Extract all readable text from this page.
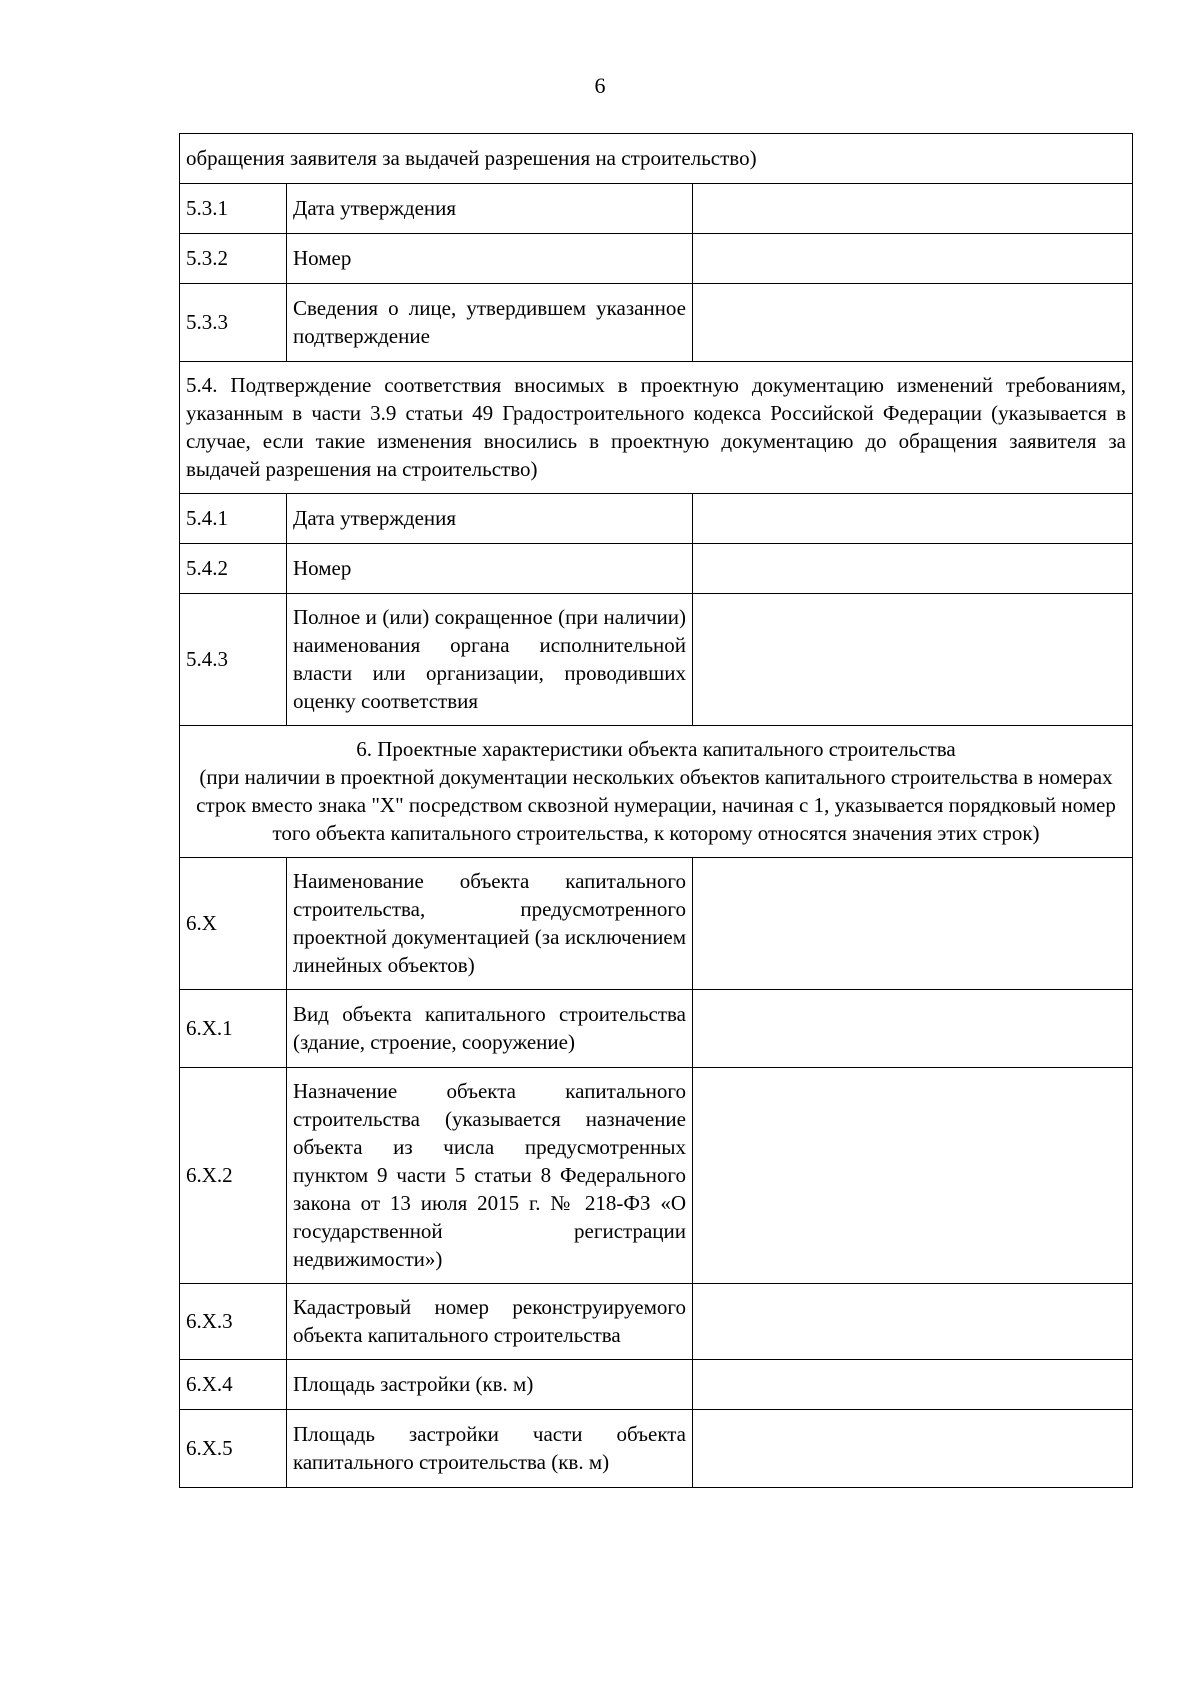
6
обращения заявителя за выдачей разрешения на строительство)		
5.3.1	Дата утверждения	
5.3.2	Номер	
5.3.3	Сведения о лице, утвердившем указанное подтверждение	
5.4. Подтверждение соответствия вносимых в проектную документацию изменений требованиям, указанным в части 3.9 статьи 49 Градостроительного кодекса Российской Федерации (указывается в случае, если такие изменения вносились в проектную документацию до обращения заявителя за выдачей разрешения на строительство)		
5.4.1	Дата утверждения	
5.4.2	Номер	
5.4.3	Полное и (или) сокращенное (при наличии) наименования органа исполнительной власти или организации, проводивших оценку соответствия	

6. Проектные характеристики объекта капитального строительства
(при наличии в проектной документации нескольких объектов капитального строительства в номерах строк вместо знака "X" посредством сквозной нумерации, начиная с 1, указывается порядковый номер того объекта капитального строительства, к которому относятся значения этих строк)		

6.X	Наименование объекта капитального строительства, предусмотренного проектной документацией (за исключением линейных объектов)	
6.X.1	Вид объекта капитального строительства (здание, строение, сооружение)	
6.X.2	Назначение объекта капитального строительства (указывается назначение объекта из числа предусмотренных пунктом 9 части 5 статьи 8 Федерального закона от 13 июля 2015 г. № 218-ФЗ «О государственной регистрации недвижимости»)	
6.X.3	Кадастровый номер реконструируемого объекта капитального строительства	
6.X.4	Площадь застройки (кв. м)	
6.X.5	Площадь застройки части объекта капитального строительства (кв. м)	
